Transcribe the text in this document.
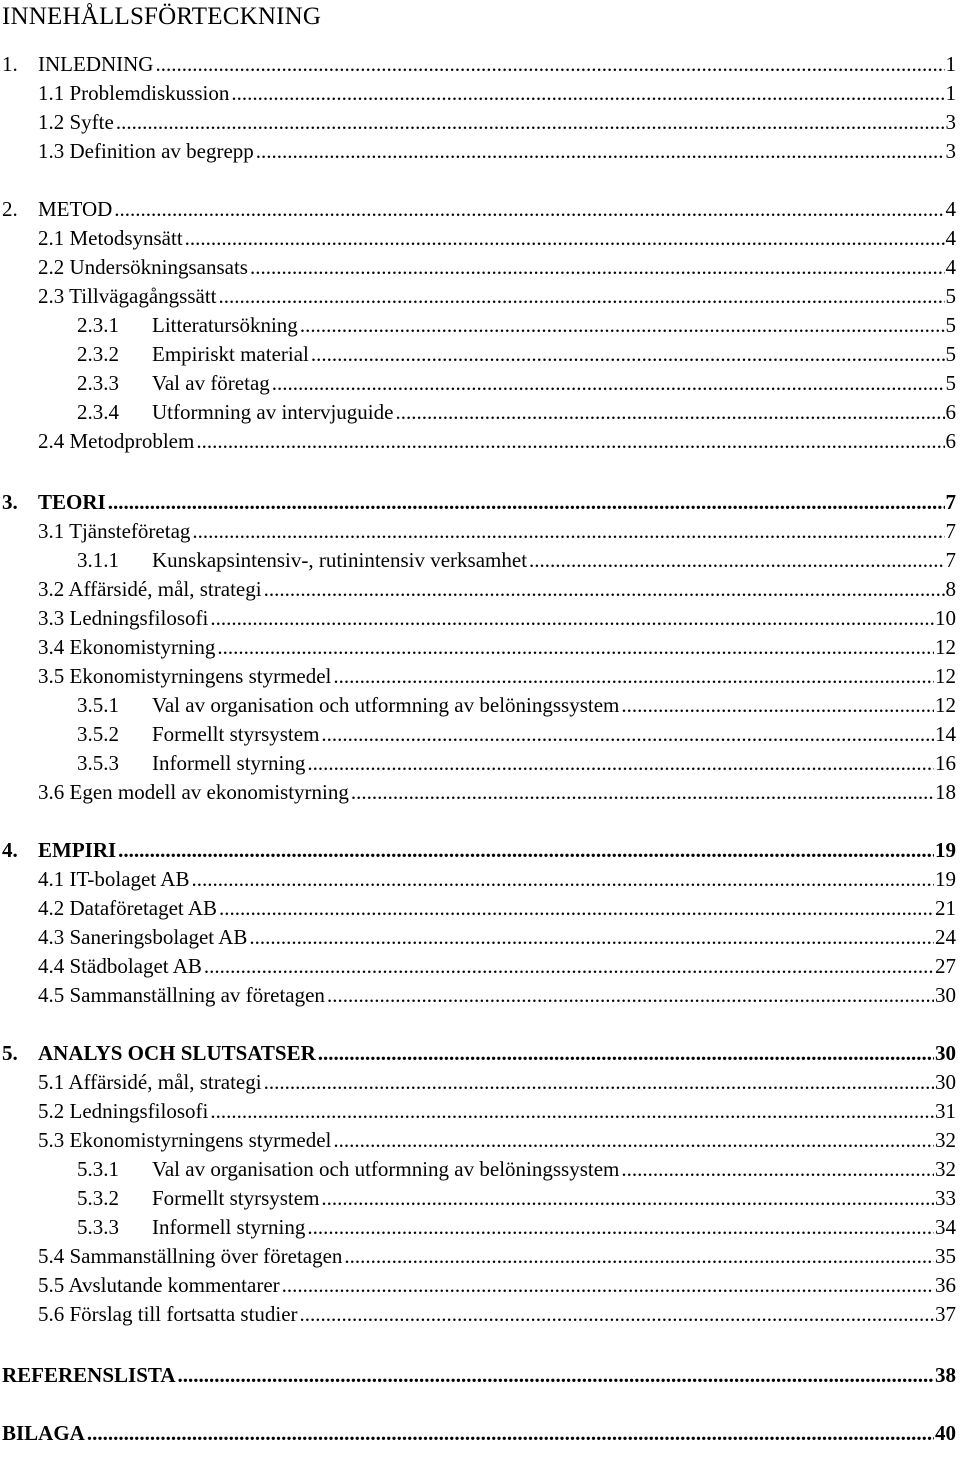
INNEHÅLLSFÖRTECKNING
1. INLEDNING .....	1
1.1 Problemdiskussion .....	1
1.2 Syfte .....	3
1.3 Definition av begrepp .....	3
2. METOD .....	4
2.1 Metodsynsätt .....	4
2.2 Undersökningsansats .....	4
2.3 Tillvägagångssätt .....	5
2.3.1 Litteratursökning .....	5
2.3.2 Empiriskt material .....	5
2.3.3 Val av företag .....	5
2.3.4 Utformning av intervjuguide .....	6
2.4 Metodproblem .....	6
3. TEORI .....	7
3.1 Tjänsteföretag .....	7
3.1.1 Kunskapsintensiv-, rutinintensiv verksamhet .....	7
3.2 Affärsidé, mål, strategi .....	8
3.3 Ledningsfilosofi .....	10
3.4 Ekonomistyrning .....	12
3.5 Ekonomistyrningens styrmedel .....	12
3.5.1 Val av organisation och utformning av belöningssystem .....	12
3.5.2 Formellt styrsystem .....	14
3.5.3 Informell styrning .....	16
3.6 Egen modell av ekonomistyrning .....	18
4. EMPIRI .....	19
4.1 IT-bolaget AB .....	19
4.2 Dataföretaget AB .....	21
4.3 Saneringsbolaget AB .....	24
4.4 Städbolaget AB .....	27
4.5 Sammanställning av företagen .....	30
5. ANALYS OCH SLUTSATSER .....	30
5.1 Affärsidé, mål, strategi .....	30
5.2 Ledningsfilosofi .....	31
5.3 Ekonomistyrningens styrmedel .....	32
5.3.1 Val av organisation och utformning av belöningssystem .....	32
5.3.2 Formellt styrsystem .....	33
5.3.3 Informell styrning .....	34
5.4 Sammanställning över företagen .....	35
5.5 Avslutande kommentarer .....	36
5.6 Förslag till fortsatta studier .....	37
REFERENSLISTA .....	38
BILAGA .....	40
